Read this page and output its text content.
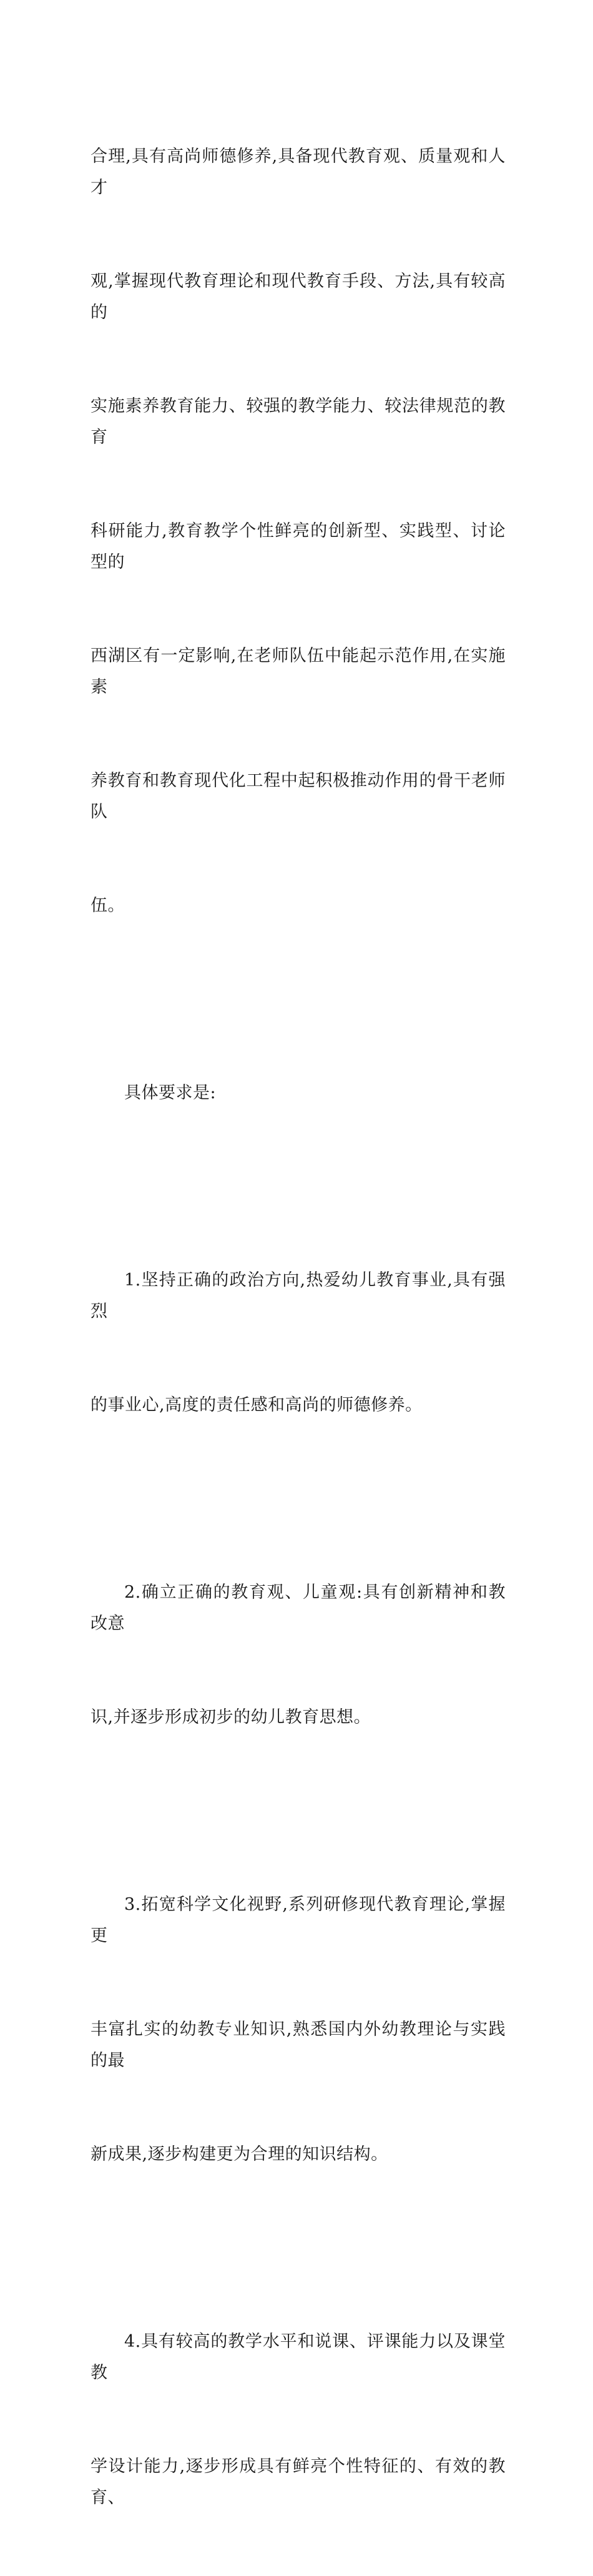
合理,具有高尚师德修养,具备现代教育观、质量观和人才

观,掌握现代教育理论和现代教育手段、方法,具有较高的

实施素养教育能力、较强的教学能力、较法律规范的教育

科研能力,教育教学个性鲜亮的创新型、实践型、讨论型的

西湖区有一定影响,在老师队伍中能起示范作用,在实施素

养教育和教育现代化工程中起积极推动作用的骨干老师队

伍。

具体要求是:

1.坚持正确的政治方向,热爱幼儿教育事业,具有强烈

的事业心,高度的责任感和高尚的师德修养。

2.确立正确的教育观、儿童观:具有创新精神和教改意

识,并逐步形成初步的幼儿教育思想。

3.拓宽科学文化视野,系列研修现代教育理论,掌握更

丰富扎实的幼教专业知识,熟悉国内外幼教理论与实践的最

新成果,逐步构建更为合理的知识结构。

4.具有较高的教学水平和说课、评课能力以及课堂教

学设计能力,逐步形成具有鲜亮个性特征的、有效的教育、
